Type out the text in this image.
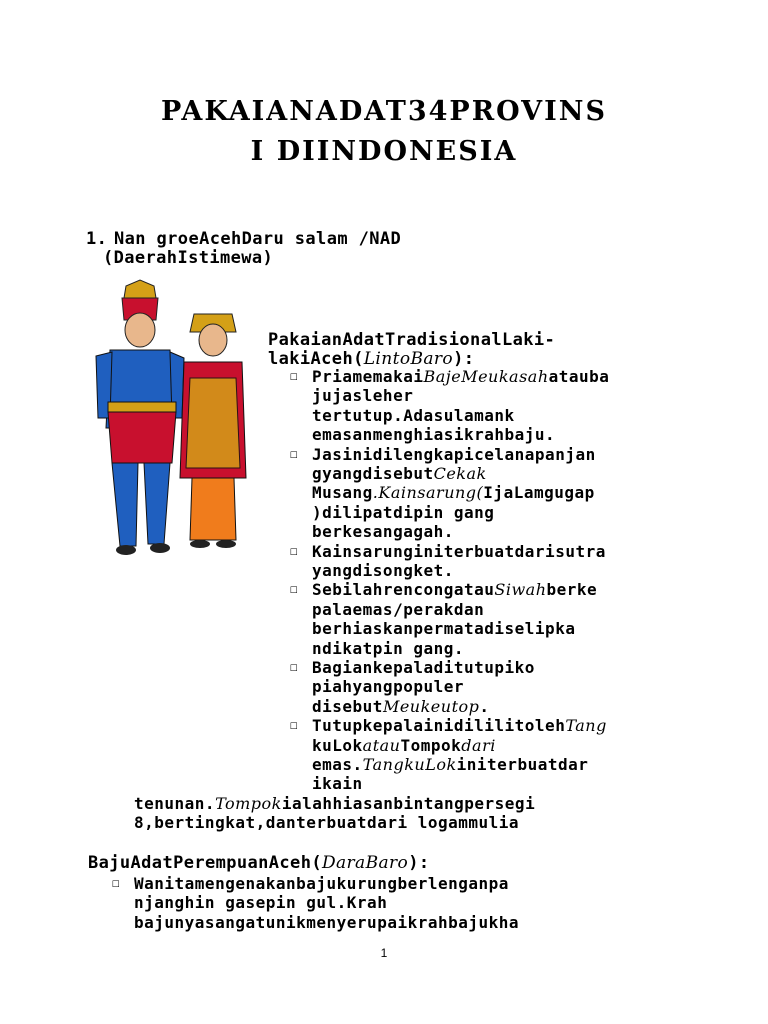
PAKAIANADAT34PROVINS
I DIINDONESIA
1. Nan groeAcehDaru salam /NAD
(DaerahIstimewa)
PakaianAdatTradisionalLaki-
lakiAceh(LintoBaro):
☐ PriamemakaiBajeMeukasahatauba
jujasleher
tertutup.Adasulamank
emasanmenghiasikrahbaju.
☐ Jasinidilengkapicelanapanjan
gyangdisebutCekak
Musang.Kainsarung(IjaLamgugap
)dilipatdipin gang
berkesangagah.
☐ Kainsarunginiterbuatdarisutra
yangdisongket.
☐ SebilahrencongatauSiwahberke
palaemas/perakdan
berhiaskanpermatadiselipka
ndikatpin gang.
☐ Bagiankepaladitutupiko
piahyangpopuler
disebutMeukeutop.
☐ TutupkepalainidililitolehTang
kuLokatauTompokdari
emas.TangkuLokiniterbuatdar
ikain
tenunan.Tompokialahhiasanbintangpersegi
8,bertingkat,danterbuatdari logammulia
BajuAdatPerempuanAceh(DaraBaro):
☐ Wanitamengenakanbajukurungberlenganpa
njanghin gasepin gul.Krah
bajunyasangatunikmenyerupaikrahbajukha
1
